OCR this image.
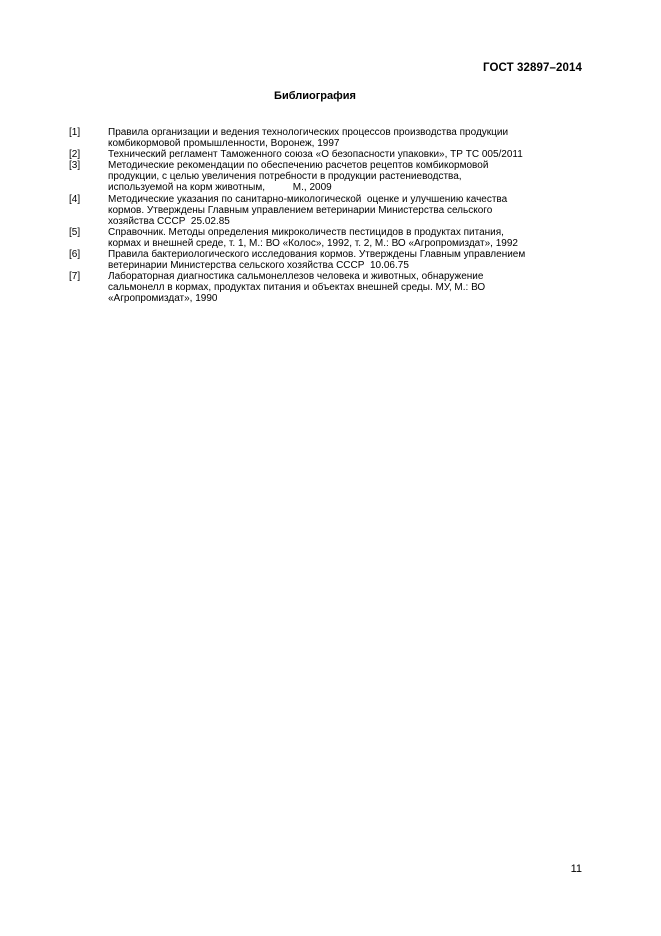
ГОСТ 32897–2014
Библиография
[1]	Правила организации и ведения технологических процессов производства продукции
комбикормовой промышленности, Воронеж, 1997
[2]	Технический регламент Таможенного союза «О безопасности упаковки», ТР ТС 005/2011
[3]	Методические рекомендации по обеспечению расчетов рецептов комбикормовой
продукции, с целью увеличения потребности в продукции растениеводства,
используемой на корм животным,          М., 2009
[4]	Методические указания по санитарно-микологической  оценке и улучшению качества
кормов. Утверждены Главным управлением ветеринарии Министерства сельского
хозяйства СССР  25.02.85
[5]	Справочник. Методы определения микроколичеств пестицидов в продуктах питания,
кормах и внешней среде, т. 1, М.: ВО «Колос», 1992, т. 2, М.: ВО «Агропромиздат», 1992
[6]	Правила бактериологического исследования кормов. Утверждены Главным управлением
ветеринарии Министерства сельского хозяйства СССР  10.06.75
[7]	Лабораторная диагностика сальмонеллезов человека и животных, обнаружение
сальмонелл в кормах, продуктах питания и объектах внешней среды. МУ, М.: ВО
«Агропромиздат», 1990
11
